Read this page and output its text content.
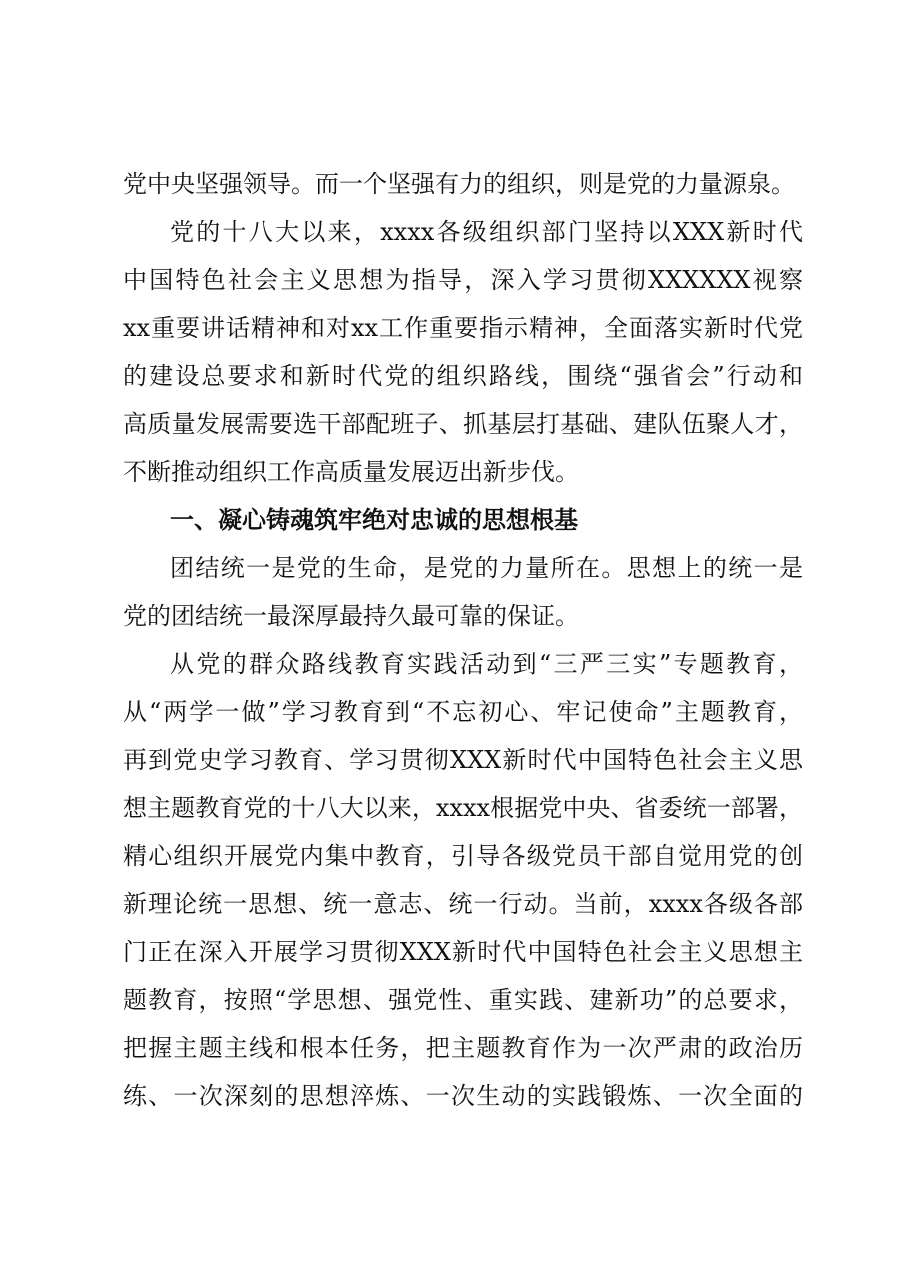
党中央坚强领导。而一个坚强有力的组织，则是党的力量源泉。
党的十八大以来，xxxx各级组织部门坚持以XXX新时代
中国特色社会主义思想为指导，深入学习贯彻XXXXXX视察
xx重要讲话精神和对xx工作重要指示精神，全面落实新时代党
的建设总要求和新时代党的组织路线，围绕“强省会”行动和
高质量发展需要选干部配班子、抓基层打基础、建队伍聚人才，
不断推动组织工作高质量发展迈出新步伐。
一、凝心铸魂筑牢绝对忠诚的思想根基
团结统一是党的生命，是党的力量所在。思想上的统一是
党的团结统一最深厚最持久最可靠的保证。
从党的群众路线教育实践活动到“三严三实”专题教育，
从“两学一做”学习教育到“不忘初心、牢记使命”主题教育，
再到党史学习教育、学习贯彻XXX新时代中国特色社会主义思
想主题教育党的十八大以来，xxxx根据党中央、省委统一部署，
精心组织开展党内集中教育，引导各级党员干部自觉用党的创
新理论统一思想、统一意志、统一行动。当前，xxxx各级各部
门正在深入开展学习贯彻XXX新时代中国特色社会主义思想主
题教育，按照“学思想、强党性、重实践、建新功”的总要求，
把握主题主线和根本任务，把主题教育作为一次严肃的政治历
练、一次深刻的思想淬炼、一次生动的实践锻炼、一次全面的
